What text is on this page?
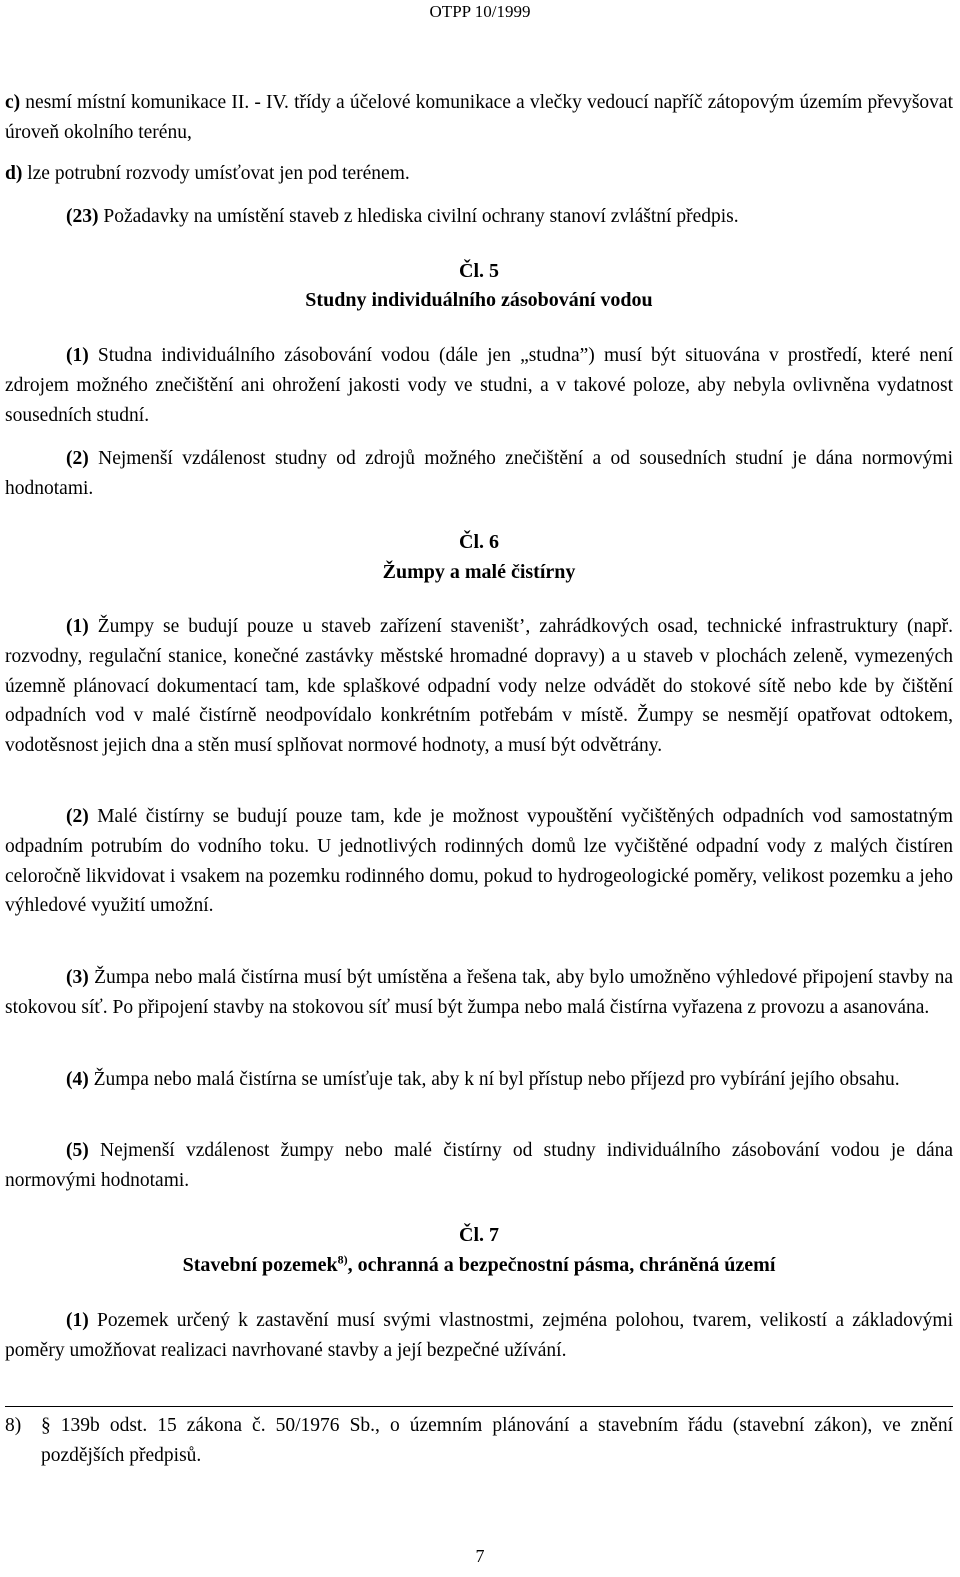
OTPP 10/1999
c) nesmí místní komunikace II. - IV. třídy a účelové komunikace a vlečky vedoucí napříč zátopovým územím převyšovat úroveň okolního terénu,
d) lze potrubní rozvody umísťovat jen pod terénem.
(23) Požadavky na umístění staveb z hlediska civilní ochrany stanoví zvláštní předpis.
Čl. 5
Studny individuálního zásobování vodou
(1) Studna individuálního zásobování vodou (dále jen „studna”) musí být situována v prostředí, které není zdrojem možného znečištění ani ohrožení jakosti vody ve studni, a v takové poloze, aby nebyla ovlivněna vydatnost sousedních studní.
(2) Nejmenší vzdálenost studny od zdrojů možného znečištění a od sousedních studní je dána normovými hodnotami.
Čl. 6
Žumpy a malé čistírny
(1) Žumpy se budují pouze u staveb zařízení staveništ’, zahrádkových osad, technické infrastruktury (např. rozvodny, regulační stanice, konečné zastávky městské hromadné dopravy) a u staveb v plochách zeleně, vymezených územně plánovací dokumentací tam, kde splaškové odpadní vody nelze odvádět do stokové sítě nebo kde by čištění odpadních vod v malé čistírně neodpovídalo konkrétním potřebám v místě. Žumpy se nesmějí opatřovat odtokem, vodotěsnost jejich dna a stěn musí splňovat normové hodnoty, a musí být odvětrány.
(2) Malé čistírny se budují pouze tam, kde je možnost vypouštění vyčištěných odpadních vod samostatným odpadním potrubím do vodního toku. U jednotlivých rodinných domů lze vyčištěné odpadní vody z malých čistíren celoročně likvidovat i vsakem na pozemku rodinného domu, pokud to hydrogeologické poměry, velikost pozemku a jeho výhledové využití umožní.
(3) Žumpa nebo malá čistírna musí být umístěna a řešena tak, aby bylo umožněno výhledové připojení stavby na stokovou síť. Po připojení stavby na stokovou síť musí být žumpa nebo malá čistírna vyřazena z provozu a asanována.
(4) Žumpa nebo malá čistírna se umísťuje tak, aby k ní byl přístup nebo příjezd pro vybírání jejího obsahu.
(5) Nejmenší vzdálenost žumpy nebo malé čistírny od studny individuálního zásobování vodou je dána normovými hodnotami.
Čl. 7
Stavební pozemek$^{8)}$, ochranná a bezpečnostní pásma, chráněná území
(1) Pozemek určený k zastavění musí svými vlastnostmi, zejména polohou, tvarem, velikostí a základovými poměry umožňovat realizaci navrhované stavby a její bezpečné užívání.
8) § 139b odst. 15 zákona č. 50/1976 Sb., o územním plánování a stavebním řádu (stavební zákon), ve znění pozdějších předpisů.
7
